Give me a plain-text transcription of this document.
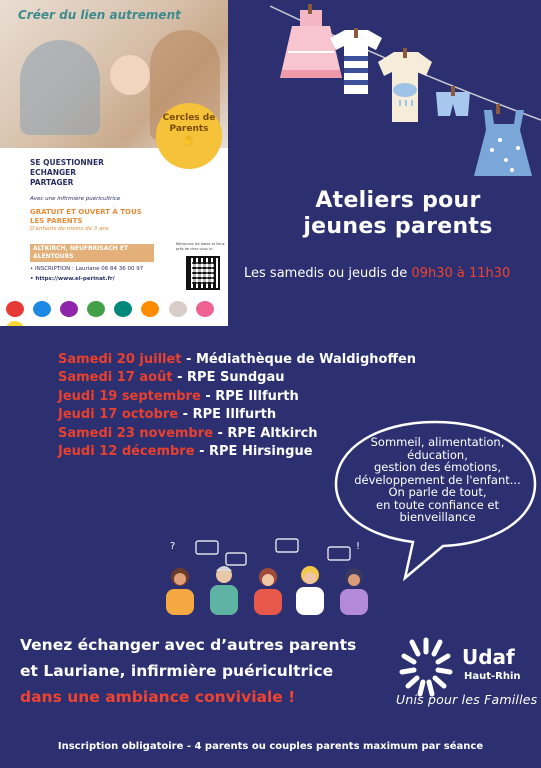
Créer du lien autrement
Cercles de Parents
✋
SE QUESTIONNER
ECHANGER
PARTAGER
Avec une infirmière puéricultrice
GRATUIT ET OUVERT À TOUS LES PARENTS
D'enfants de moins de 3 ans
ALTKIRCH, NEUFBRISACH ET ALENTOURS
• INSCRIPTION : Lauriane 06 84 36 00 97
• https://www.el-perinat.fr/
Retrouvez les dates et lieux près de chez vous ici

Ateliers pour
jeunes parents
Les samedis ou jeudis de 09h30 à 11h30
Samedi 20 juillet - Médiathèque de Waldighoffen
Samedi 17 août - RPE Sundgau
Jeudi 19 septembre - RPE Illfurth
Jeudi 17 octobre - RPE Illfurth
Samedi 23 novembre - RPE Altkirch
Jeudi 12 décembre - RPE Hirsingue
Sommeil, alimentation,
éducation,
gestion des émotions,
développement de l'enfant...
On parle de tout,
en toute confiance et
bienveillance
?	!
Venez échanger avec d’autres parents
et Lauriane, infirmière puéricultrice
dans une ambiance conviviale !
Udaf
Haut-Rhin
Unis pour les Familles
Inscription obligatoire - 4 parents ou couples parents maximum par séance
